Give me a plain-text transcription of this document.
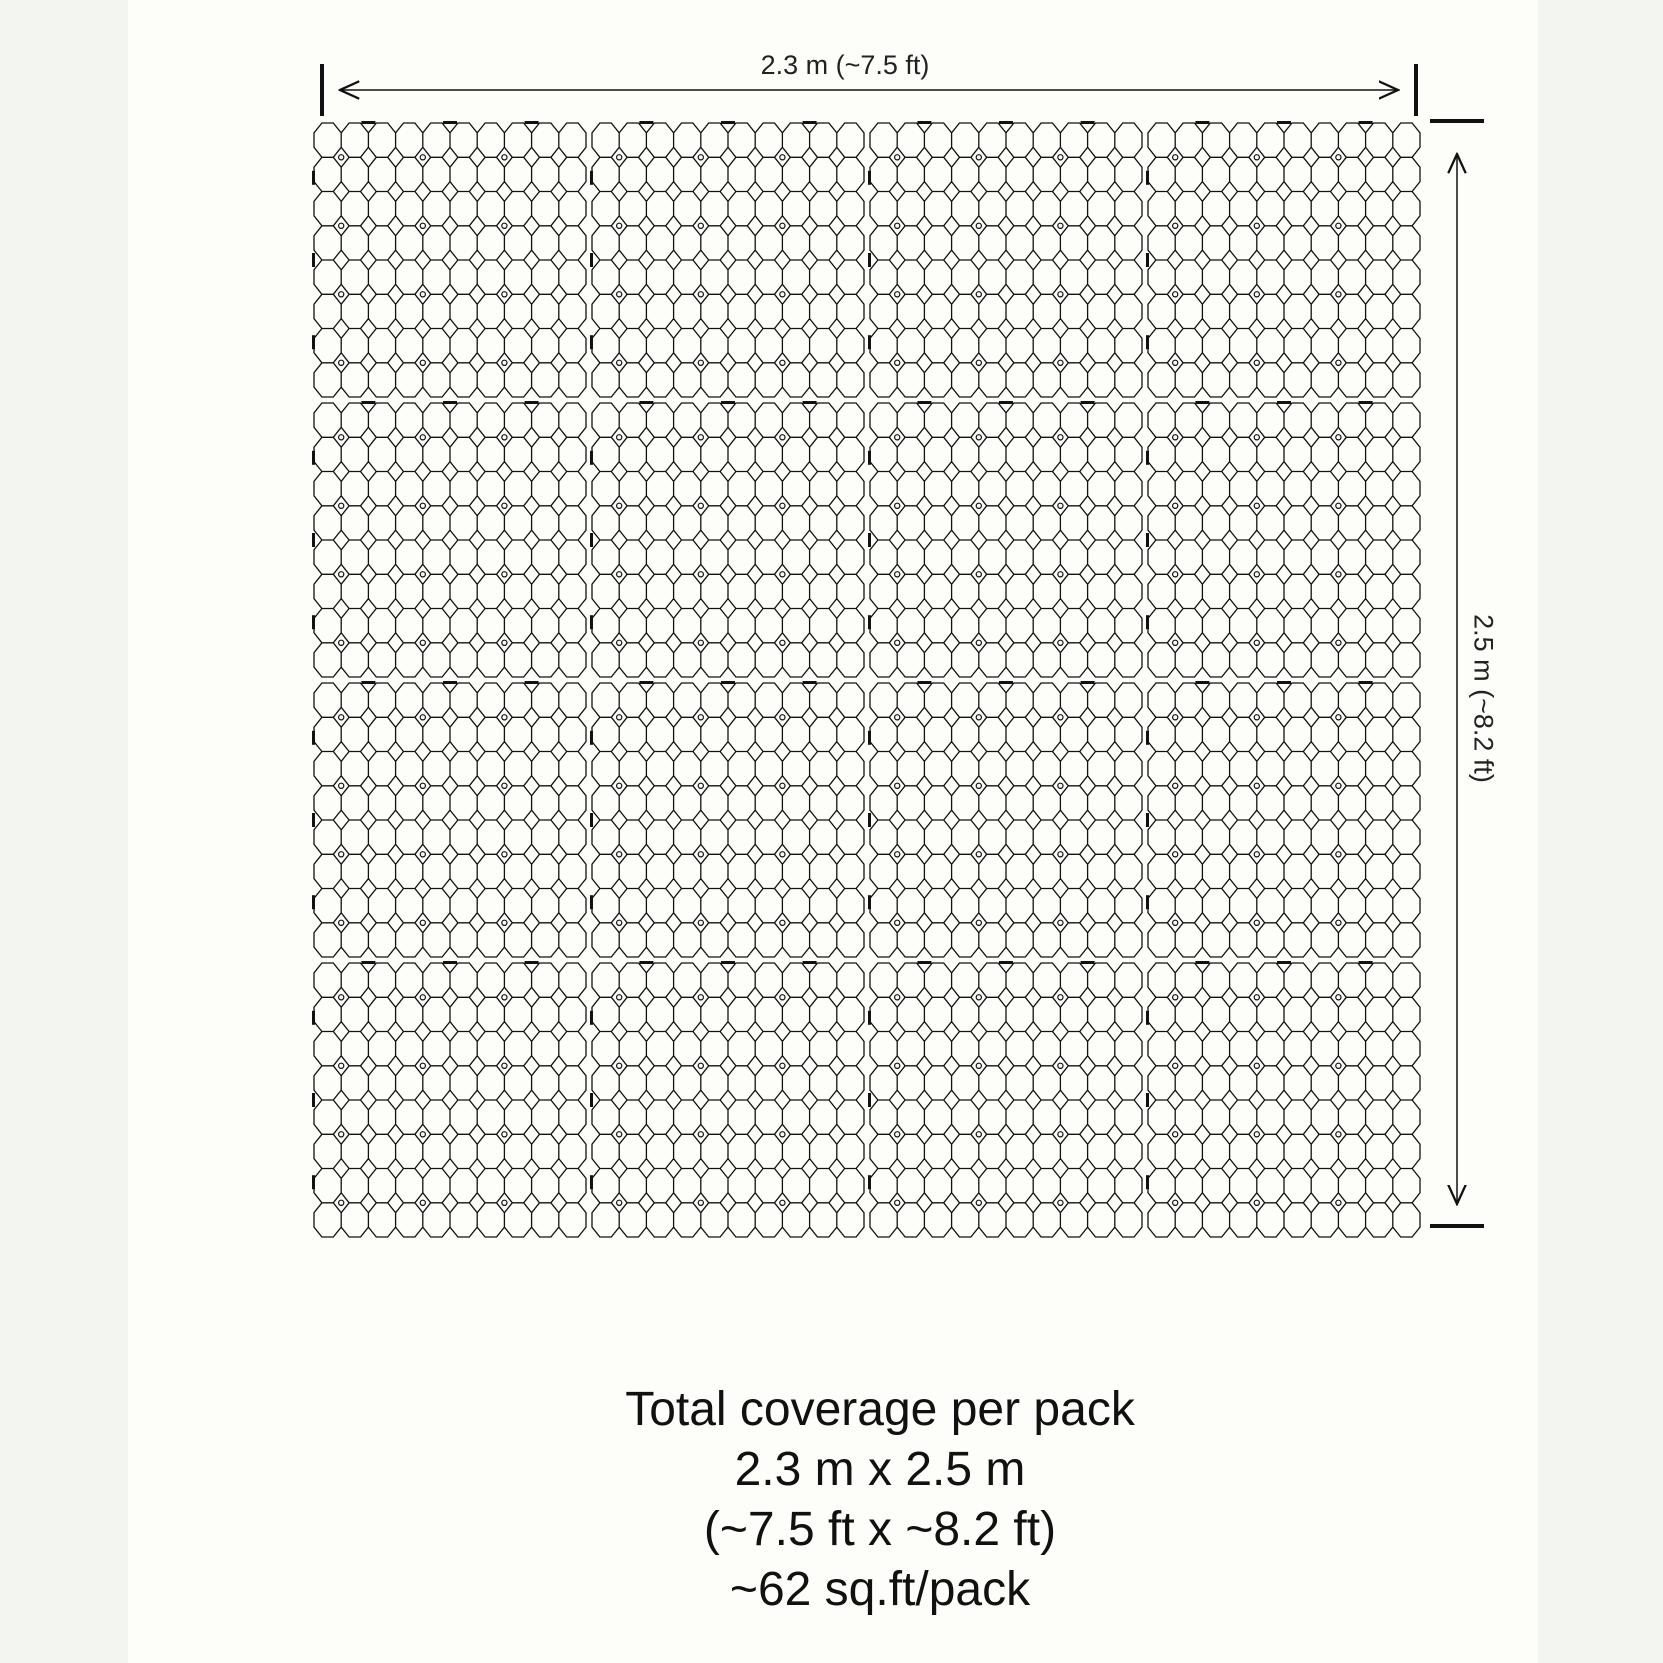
2.3 m (~7.5 ft)
2.5 m (~8.2 ft)
Total coverage per pack
2.3 m x 2.5 m
(~7.5 ft x ~8.2 ft)
~62 sq.ft/pack
